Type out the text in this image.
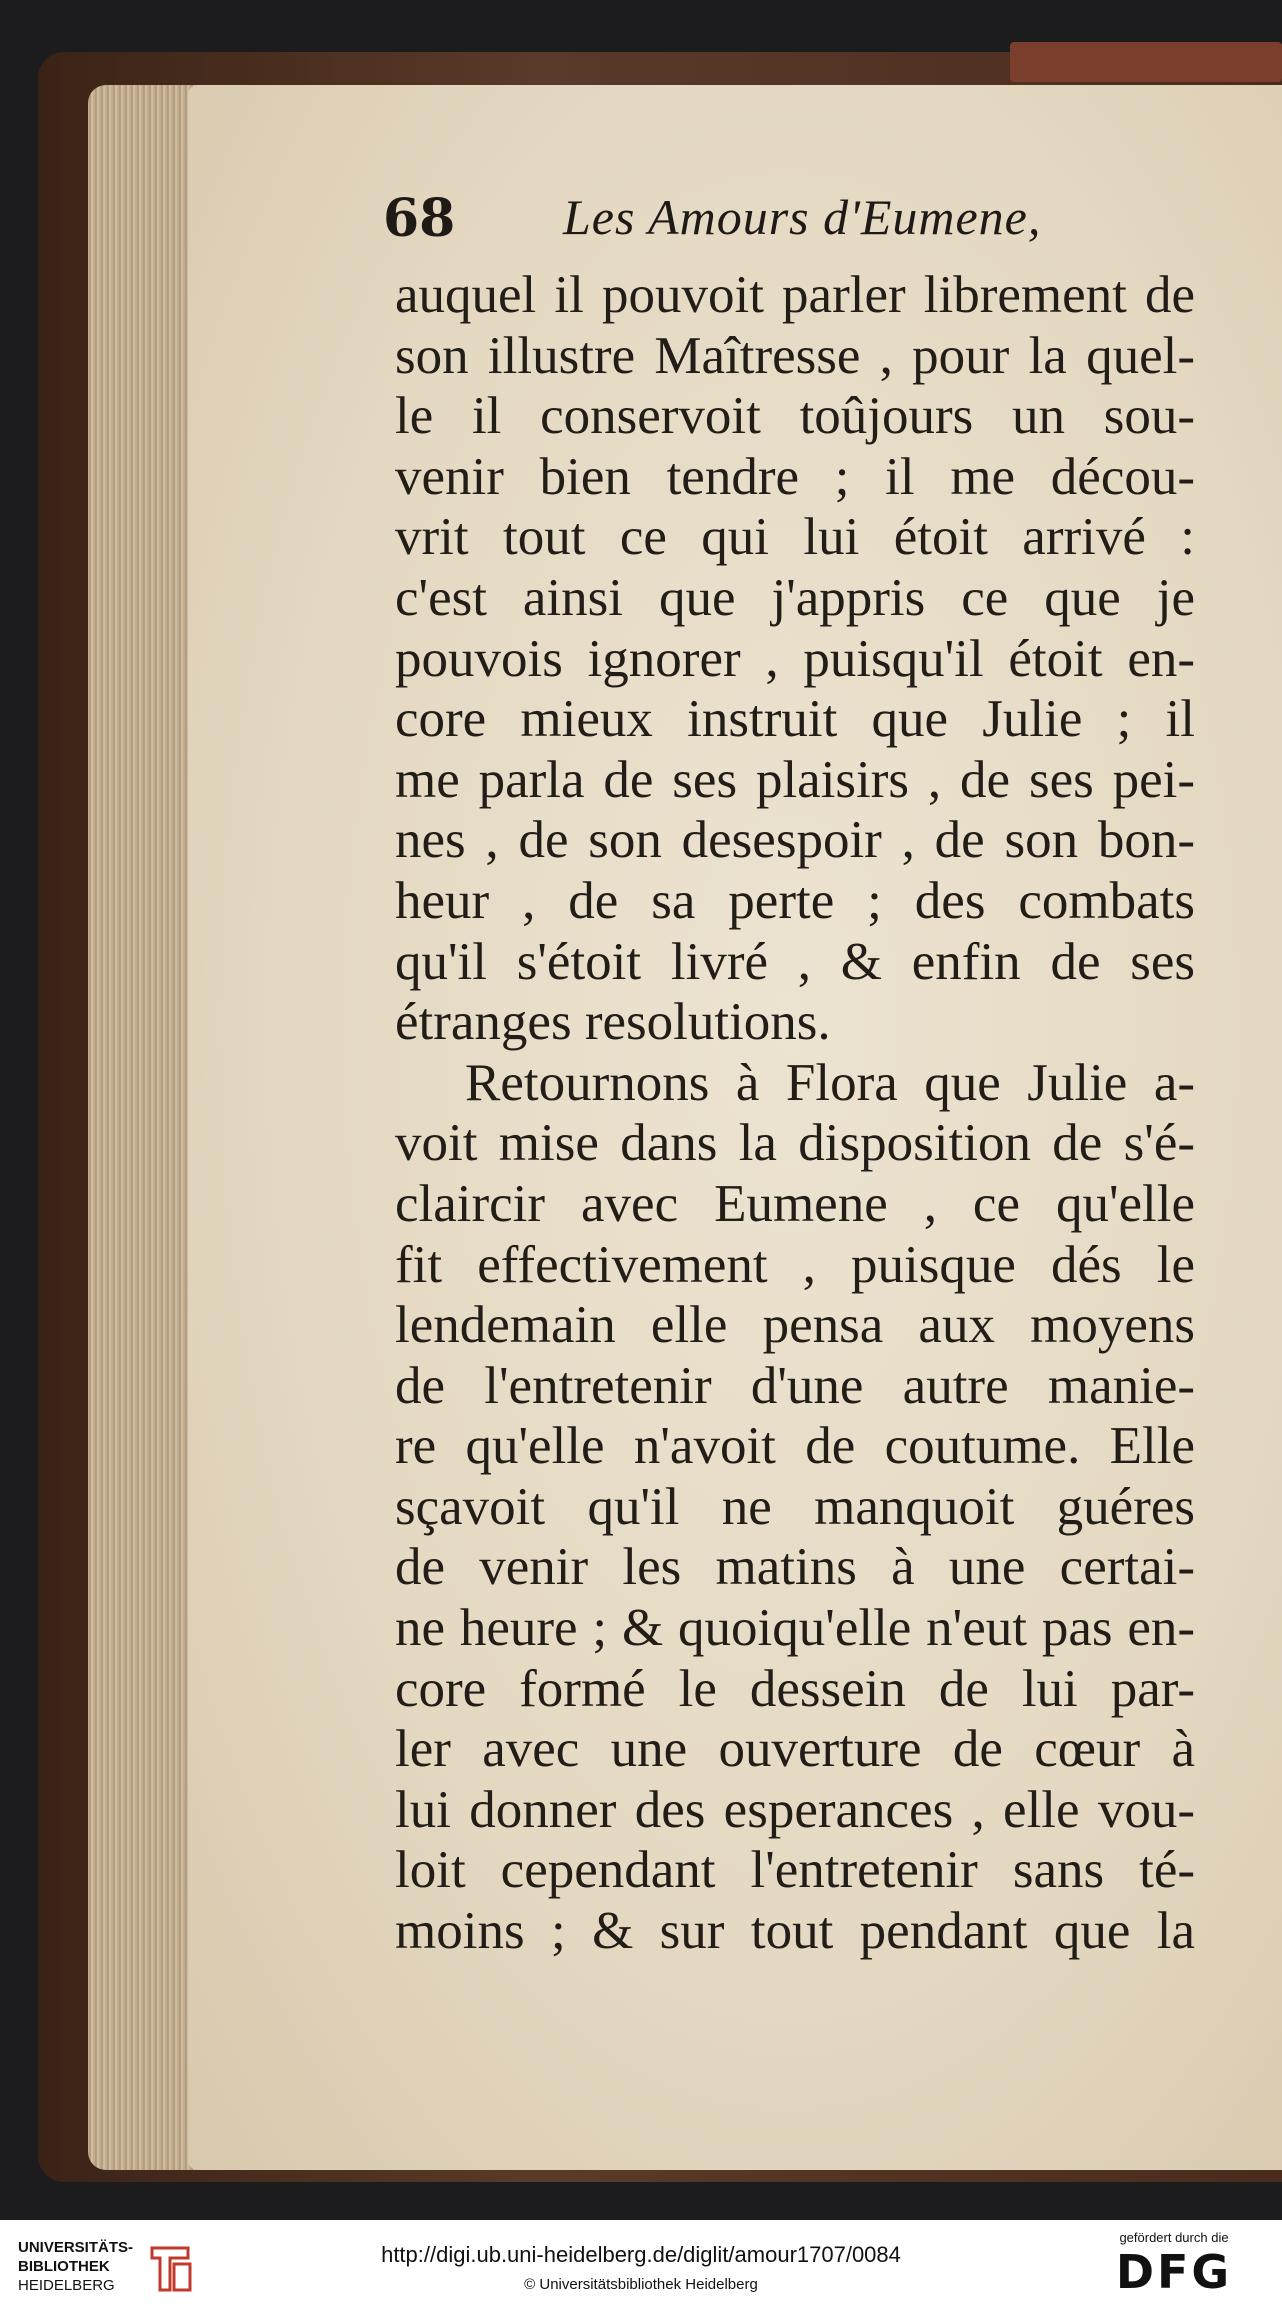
68 Les Amours d'Eumene,
auquel il pouvoit parler librement de
son illustre Maîtresse , pour la quel-
le il conservoit toûjours un sou-
venir bien tendre ; il me décou-
vrit tout ce qui lui étoit arrivé :
c'est ainsi que j'appris ce que je
pouvois ignorer , puisqu'il étoit en-
core mieux instruit que Julie ; il
me parla de ses plaisirs , de ses pei-
nes , de son desespoir , de son bon-
heur , de sa perte ; des combats
qu'il s'étoit livré , & enfin de ses
étranges resolutions.
Retournons à Flora que Julie a-
voit mise dans la disposition de s'é-
claircir avec Eumene , ce qu'elle
fit effectivement , puisque dés le
lendemain elle pensa aux moyens
de l'entretenir d'une autre manie-
re qu'elle n'avoit de coutume. Elle
sçavoit qu'il ne manquoit guéres
de venir les matins à une certai-
ne heure ; & quoiqu'elle n'eut pas en-
core formé le dessein de lui par-
ler avec une ouverture de cœur à
lui donner des esperances , elle vou-
loit cependant l'entretenir sans té-
moins ; & sur tout pendant que la
UNIVERSITÄTS-
BIBLIOTHEK
HEIDELBERG
http://digi.ub.uni-heidelberg.de/diglit/amour1707/0084
© Universitätsbibliothek Heidelberg
gefördert durch die
DFG
